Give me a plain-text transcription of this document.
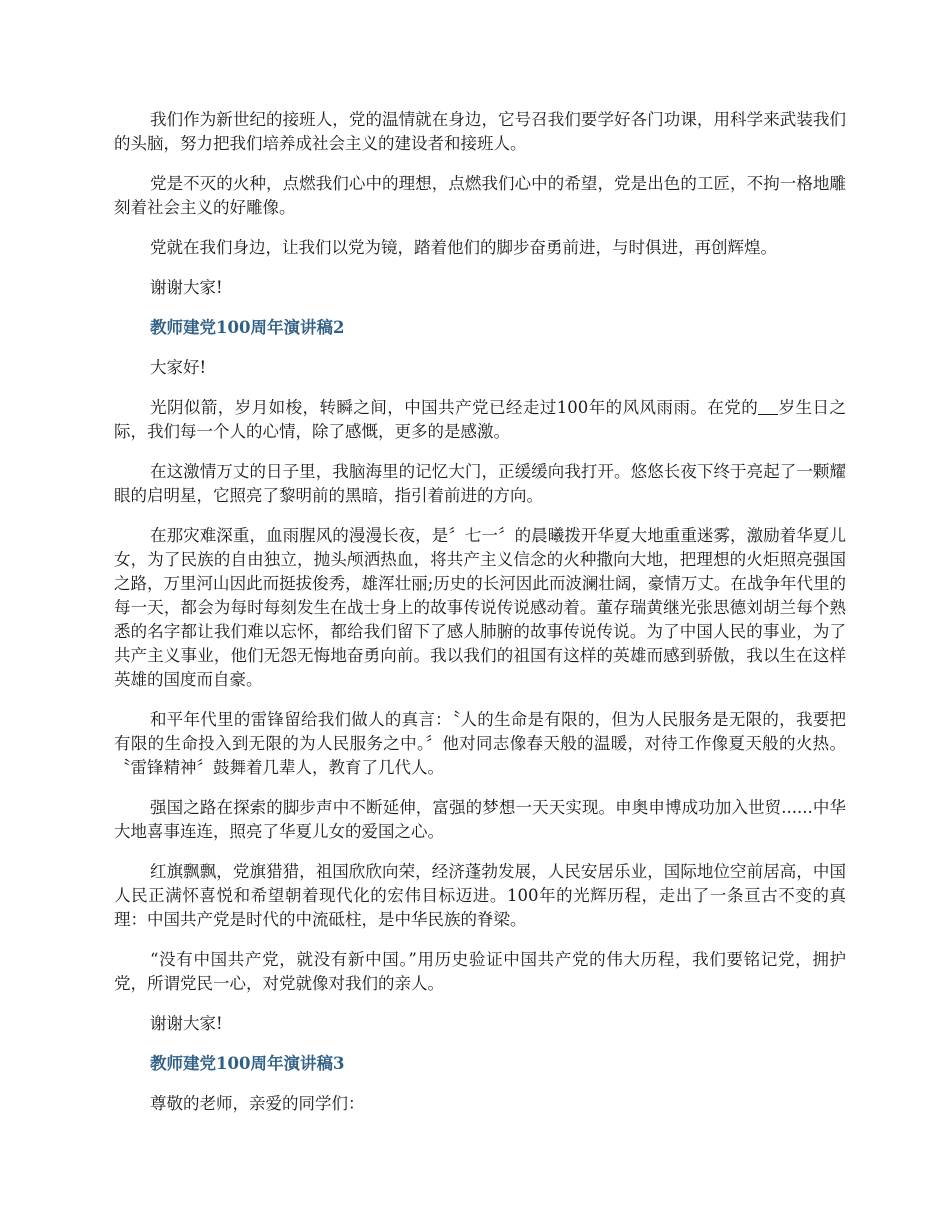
我们作为新世纪的接班人，党的温情就在身边，它号召我们要学好各门功课，用科学来武装我们的头脑，努力把我们培养成社会主义的建设者和接班人。

党是不灭的火种，点燃我们心中的理想，点燃我们心中的希望，党是出色的工匠，不拘一格地雕刻着社会主义的好雕像。

党就在我们身边，让我们以党为镜，踏着他们的脚步奋勇前进，与时俱进，再创辉煌。

谢谢大家!

教师建党100周年演讲稿2

大家好!

光阴似箭，岁月如梭，转瞬之间，中国共产党已经走过100年的风风雨雨。在党的 岁生日之际，我们每一个人的心情，除了感慨，更多的是感激。

在这激情万丈的日子里，我脑海里的记忆大门，正缓缓向我打开。悠悠长夜下终于亮起了一颗耀眼的启明星，它照亮了黎明前的黑暗，指引着前进的方向。

在那灾难深重，血雨腥风的漫漫长夜，是〞七一〞的晨曦拨开华夏大地重重迷雾，激励着华夏儿女，为了民族的自由独立，抛头颅洒热血，将共产主义信念的火种撒向大地，把理想的火炬照亮强国之路，万里河山因此而挺拔俊秀，雄浑壮丽;历史的长河因此而波澜壮阔，豪情万丈。在战争年代里的每一天，都会为每时每刻发生在战士身上的故事传说传说感动着。董存瑞黄继光张思德刘胡兰每个熟悉的名字都让我们难以忘怀，都给我们留下了感人肺腑的故事传说传说。为了中国人民的事业，为了共产主义事业，他们无怨无悔地奋勇向前。我以我们的祖国有这样的英雄而感到骄傲，我以生在这样英雄的国度而自豪。

和平年代里的雷锋留给我们做人的真言：〝人的生命是有限的，但为人民服务是无限的，我要把有限的生命投入到无限的为人民服务之中。〞他对同志像春天般的温暖，对待工作像夏天般的火热。〝雷锋精神〞鼓舞着几辈人，教育了几代人。

强国之路在探索的脚步声中不断延伸，富强的梦想一天天实现。申奥申博成功加入世贸......中华大地喜事连连，照亮了华夏儿女的爱国之心。

红旗飘飘，党旗猎猎，祖国欣欣向荣，经济蓬勃发展，人民安居乐业，国际地位空前居高，中国人民正满怀喜悦和希望朝着现代化的宏伟目标迈进。100年的光辉历程，走出了一条亘古不变的真理：中国共产党是时代的中流砥柱，是中华民族的脊梁。

“没有中国共产党，就没有新中国。”用历史验证中国共产党的伟大历程，我们要铭记党，拥护党，所谓党民一心，对党就像对我们的亲人。

谢谢大家!

教师建党100周年演讲稿3

尊敬的老师，亲爱的同学们：
